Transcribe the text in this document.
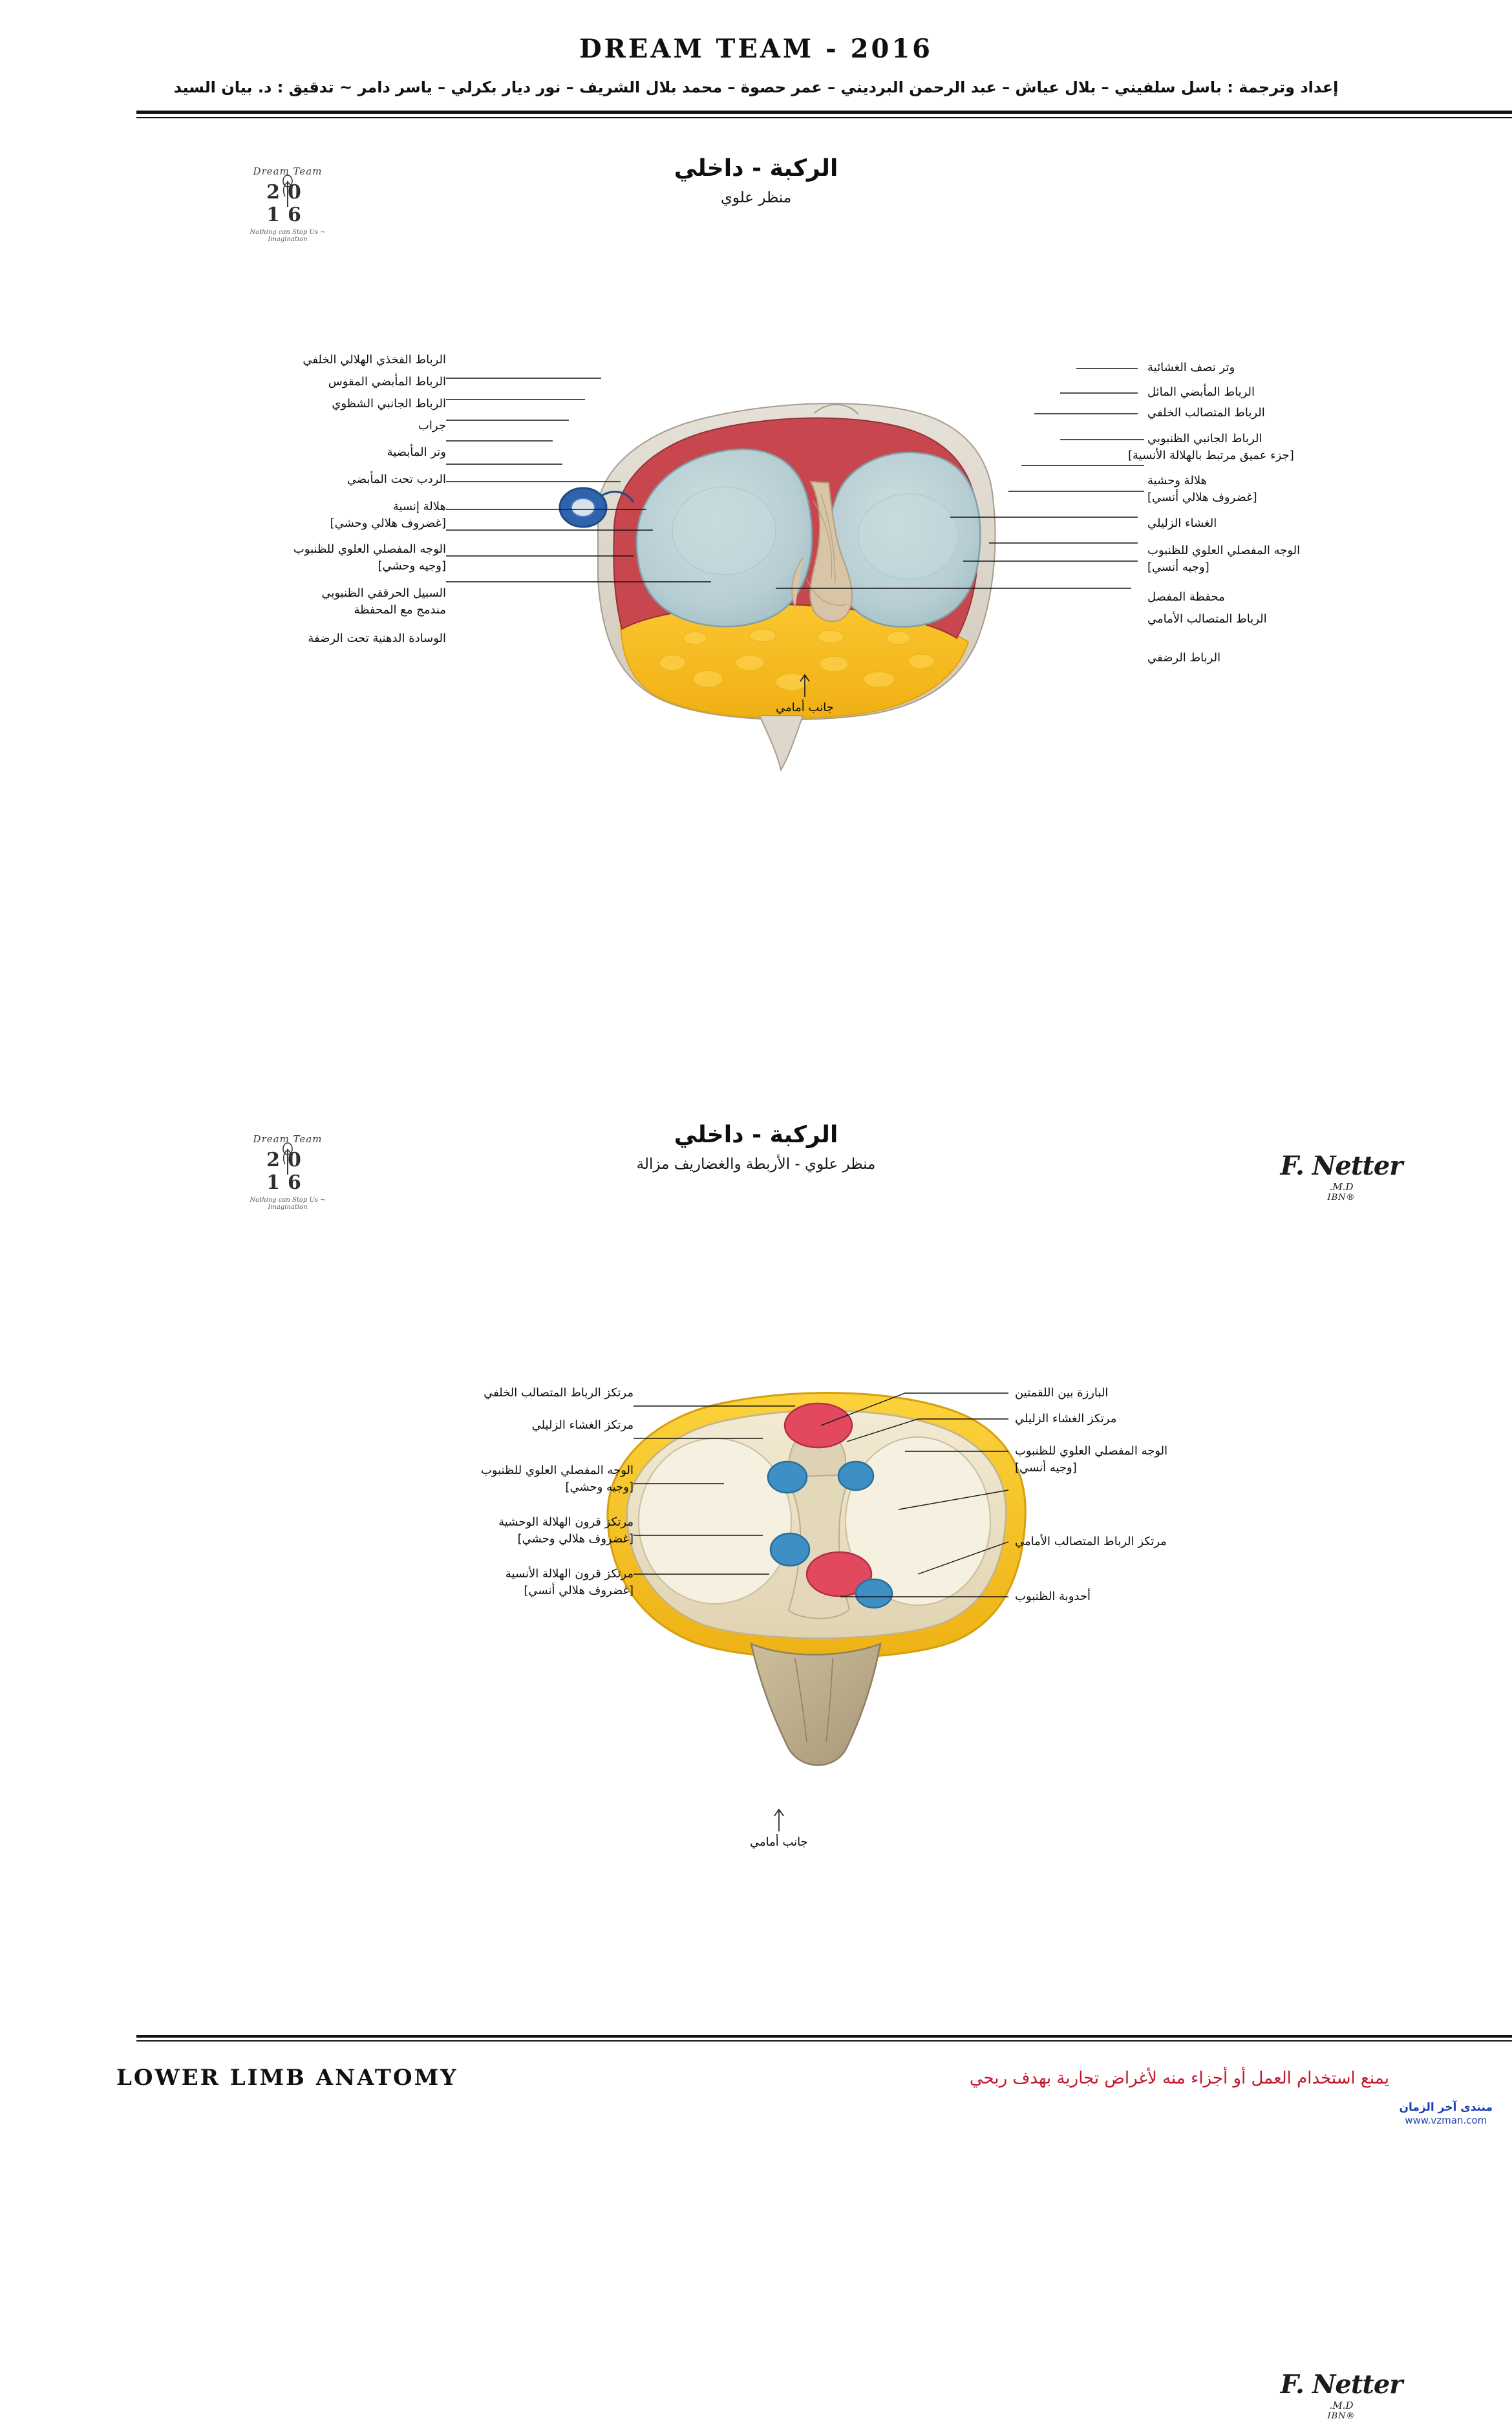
DREAM TEAM - 2016
إعداد وترجمة : باسل سلفيني – بلال عياش – عبد الرحمن البرديني – عمر حصوة – محمد بلال الشريف – نور ديار بكرلي – ياسر دامر ~ تدقيق : د. بيان السيد
Dream Team
20 16
Nothing can Stop Us ~ Imagination
الركبة - داخلي
منظر علوي
وتر نصف الغشائية
الرباط المأبضي المائل
الرباط المتصالب الخلفي
الرباط الجانبي الظنبوبي
[جزء عميق مرتبط بالهلالة الأنسية]
هلالة وحشية
[غضروف هلالي أنسي]
الغشاء الزليلي
الوجه المفصلي العلوي للظنبوب
[وجيه أنسي]
محفظة المفصل
الرباط المتصالب الأمامي
الرباط الرضفي
الرباط الفخذي الهلالي الخلفي
الرباط المأبضي المقوس
الرباط الجانبي الشظوي
جراب
وتر المأبضية
الردب تحت المأبضي
هلالة إنسية
[غضروف هلالي وحشي]
الوجه المفصلي العلوي للظنبوب
[وجيه وحشي]
السبيل الحرقفي الظنبوبي
مندمج مع المحفظة
الوسادة الدهنية تحت الرضفة
جانب أمامي
F. Netter
M.D.
®IBN
Dream Team
20 16
Nothing can Stop Us ~ Imagination
الركبة - داخلي
منظر علوي - الأربطة والغضاريف مزالة
مرتكز الرباط المتصالب الخلفي
مرتكز الغشاء الزليلي
الوجه المفصلي العلوي للظنبوب
[وجيه وحشي]
مرتكز قرون الهلالة الوحشية
[غضروف هلالي وحشي]
مرتكز قرون الهلالة الأنسية
[غضروف هلالي أنسي]
البارزة بين اللقمتين
مرتكز الغشاء الزليلي
الوجه المفصلي العلوي للظنبوب
[وجيه أنسي]
مرتكز الرباط المتصالب الأمامي
أحدوبة الظنبوب
جانب أمامي
F. Netter
M.D.
®IBN
LOWER LIMB ANATOMY	يمنع استخدام العمل أو أجزاء منه لأغراض تجارية بهدف ربحي
منتدى آخر الزمان
www.vzman.com
